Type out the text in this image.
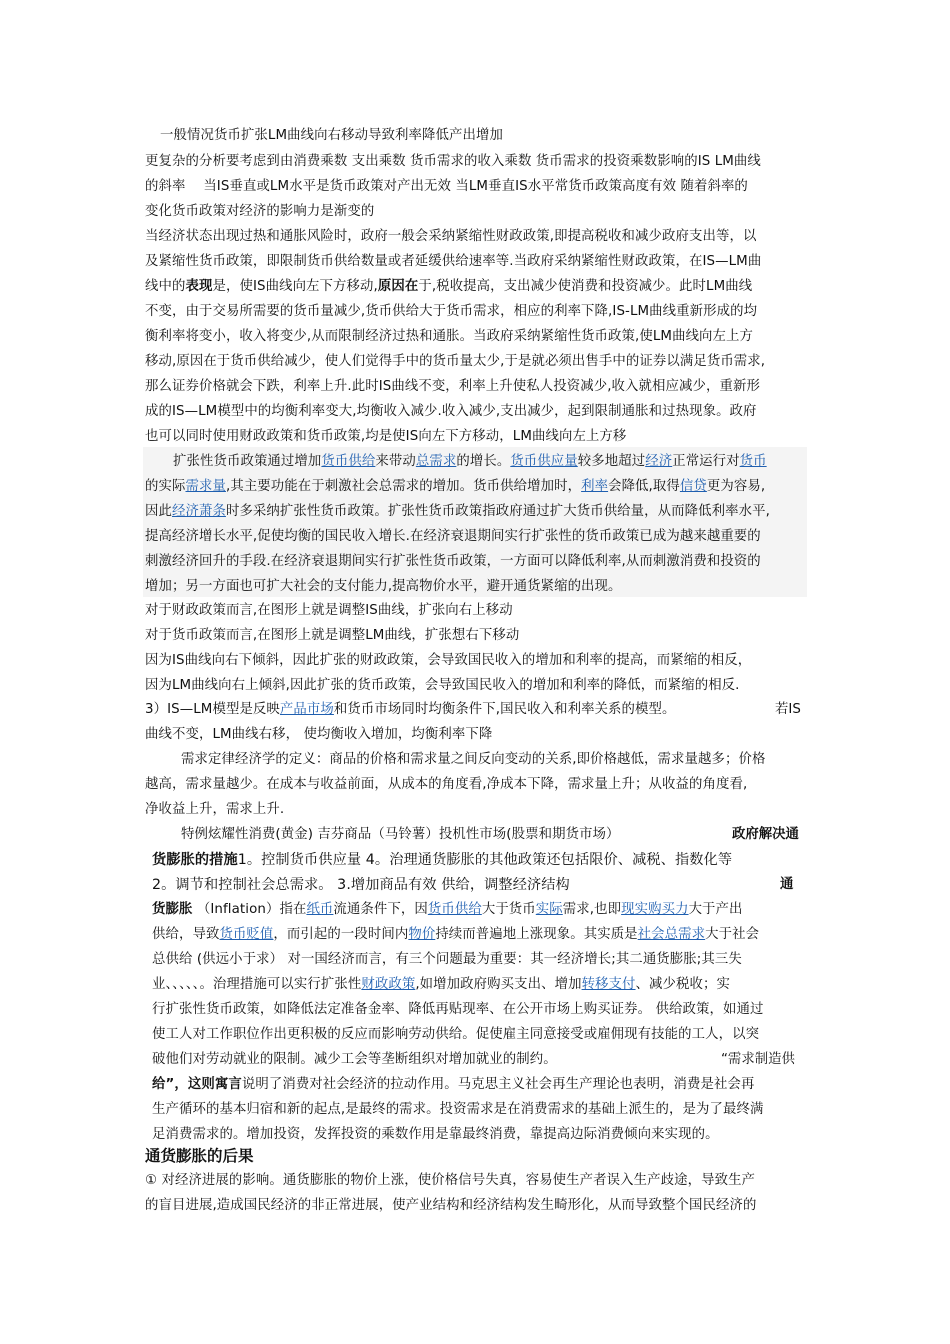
一般情况货币扩张LM曲线向右移动导致利率降低产出增加
更复杂的分析要考虑到由消费乘数 支出乘数 货币需求的收入乘数 货币需求的投资乘数影响的IS LM曲线
的斜率　 当IS垂直或LM水平是货币政策对产出无效 当LM垂直IS水平常货币政策高度有效 随着斜率的
变化货币政策对经济的影响力是渐变的
当经济状态出现过热和通胀风险时，政府一般会采纳紧缩性财政政策,即提高税收和减少政府支出等，以
及紧缩性货币政策，即限制货币供给数量或者延缓供给速率等.当政府采纳紧缩性财政政策，在IS—LM曲
线中的表现是，使IS曲线向左下方移动,原因在于,税收提高，支出减少使消费和投资减少。此时LM曲线
不变，由于交易所需要的货币量减少,货币供给大于货币需求，相应的利率下降,IS-LM曲线重新形成的均
衡利率将变小，收入将变少,从而限制经济过热和通胀。当政府采纳紧缩性货币政策,使LM曲线向左上方
移动,原因在于货币供给减少，使人们觉得手中的货币量太少,于是就必须出售手中的证券以满足货币需求,
那么证券价格就会下跌，利率上升.此时IS曲线不变，利率上升使私人投资减少,收入就相应减少，重新形
成的IS—LM模型中的均衡利率变大,均衡收入减少.收入减少,支出减少，起到限制通胀和过热现象。政府
也可以同时使用财政政策和货币政策,均是使IS向左下方移动，LM曲线向左上方移
扩张性货币政策通过增加货币供给来带动总需求的增长。货币供应量较多地超过经济正常运行对货币
的实际需求量,其主要功能在于刺激社会总需求的增加。货币供给增加时，利率会降低,取得信贷更为容易,
因此经济萧条时多采纳扩张性货币政策。扩张性货币政策指政府通过扩大货币供给量，从而降低利率水平,
提高经济增长水平,促使均衡的国民收入增长.在经济衰退期间实行扩张性的货币政策已成为越来越重要的
刺激经济回升的手段.在经济衰退期间实行扩张性货币政策，一方面可以降低利率,从而刺激消费和投资的
增加；另一方面也可扩大社会的支付能力,提高物价水平，避开通货紧缩的出现。
对于财政政策而言,在图形上就是调整IS曲线，扩张向右上移动
对于货币政策而言,在图形上就是调整LM曲线，扩张想右下移动
因为IS曲线向右下倾斜，因此扩张的财政政策，会导致国民收入的增加和利率的提高，而紧缩的相反，
因为LM曲线向右上倾斜,因此扩张的货币政策，会导致国民收入的增加和利率的降低，而紧缩的相反.
3）IS—LM模型是反映产品市场和货币市场同时均衡条件下,国民收入和利率关系的模型。	若IS
曲线不变，LM曲线右移， 使均衡收入增加，均衡利率下降
需求定律经济学的定义：商品的价格和需求量之间反向变动的关系,即价格越低，需求量越多；价格
越高，需求量越少。在成本与收益前面，从成本的角度看,净成本下降，需求量上升；从收益的角度看,
净收益上升，需求上升.
特例炫耀性消费(黄金) 吉芬商品（马铃薯）投机性市场(股票和期货市场）	政府解决通
货膨胀的措施1。控制货币供应量 4。治理通货膨胀的其他政策还包括限价、减税、指数化等
2。调节和控制社会总需求。 3.增加商品有效 供给，调整经济结构	通
货膨胀 （Inflation）指在纸币流通条件下，因货币供给大于货币实际需求,也即现实购买力大于产出
供给，导致货币贬值，而引起的一段时间内物价持续而普遍地上涨现象。其实质是社会总需求大于社会
总供给 (供远小于求） 对一国经济而言，有三个问题最为重要：其一经济增长;其二通货膨胀;其三失
业、、、、、。治理措施可以实行扩张性财政政策,如增加政府购买支出、增加转移支付、减少税收；实
行扩张性货币政策，如降低法定准备金率、降低再贴现率、在公开市场上购买证券。 供给政策，如通过
使工人对工作职位作出更积极的反应而影响劳动供给。促使雇主同意接受或雇佣现有技能的工人，以突
破他们对劳动就业的限制。减少工会等垄断组织对增加就业的制约。	“需求制造供
给”，这则寓言说明了消费对社会经济的拉动作用。马克思主义社会再生产理论也表明，消费是社会再
生产循环的基本归宿和新的起点,是最终的需求。投资需求是在消费需求的基础上派生的，是为了最终满
足消费需求的。增加投资，发挥投资的乘数作用是靠最终消费，靠提高边际消费倾向来实现的。
通货膨胀的后果
① 对经济进展的影响。通货膨胀的物价上涨，使价格信号失真，容易使生产者误入生产歧途，导致生产
的盲目进展,造成国民经济的非正常进展，使产业结构和经济结构发生畸形化，从而导致整个国民经济的
